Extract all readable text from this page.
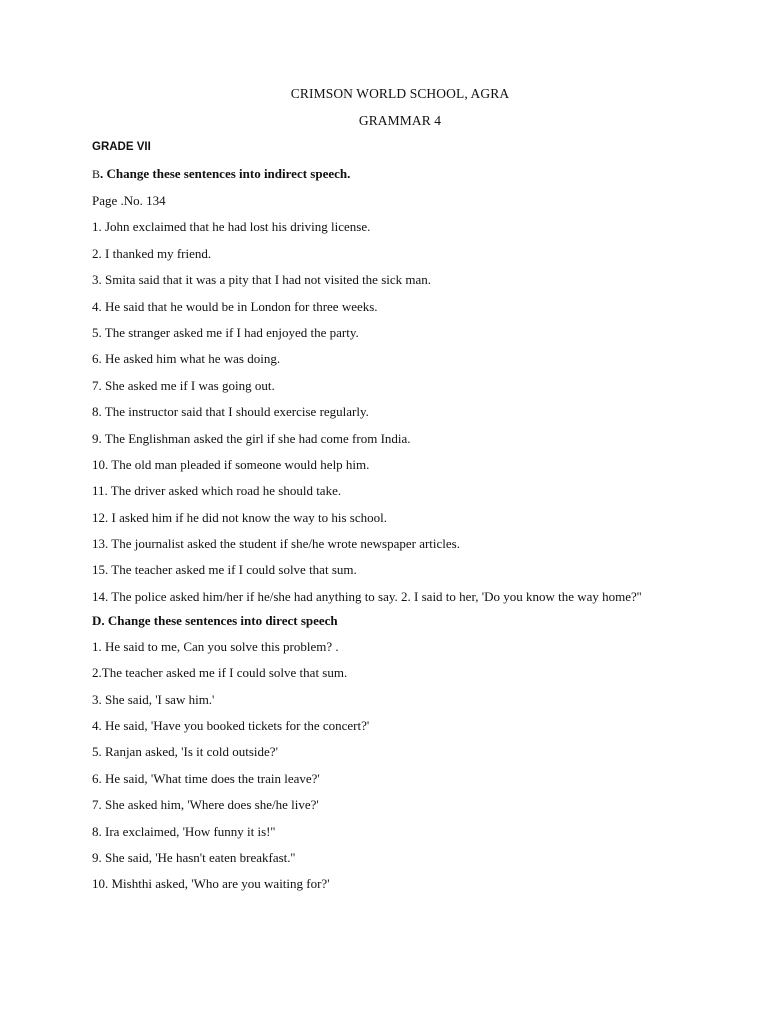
CRIMSON WORLD SCHOOL, AGRA
GRAMMAR 4
GRADE VII
B. Change these sentences into indirect speech.
Page .No. 134
1. John exclaimed that he had lost his driving license.
2. I thanked my friend.
3. Smita said that it was a pity that I had not visited the sick man.
4. He said that he would be in London for three weeks.
5. The stranger asked me if I had enjoyed the party.
6. He asked him what he was doing.
7. She asked me if I was going out.
8. The instructor said that I should exercise regularly.
9. The Englishman asked the girl if she had come from India.
10. The old man pleaded if someone would help him.
11. The driver asked which road he should take.
12. I asked him if he did not know the way to his school.
13. The journalist asked the student if she/he wrote newspaper articles.
15. The teacher asked me if I could solve that sum.
14. The police asked him/her if he/she had anything to say. 2. I said to her, 'Do you know the way home?''
D. Change these sentences into direct speech
1. He said to me, Can you solve this problem? .
2.The teacher asked me if I could solve that sum.
3. She said, 'I saw him.'
4. He said, 'Have you booked tickets for the concert?'
5. Ranjan asked, 'Is it cold outside?'
6. He said, 'What time does the train leave?'
7. She asked him, 'Where does she/he live?'
8. Ira exclaimed, 'How funny it is!''
9. She said, 'He hasn't eaten breakfast.''
10. Mishthi asked, 'Who are you waiting for?'
